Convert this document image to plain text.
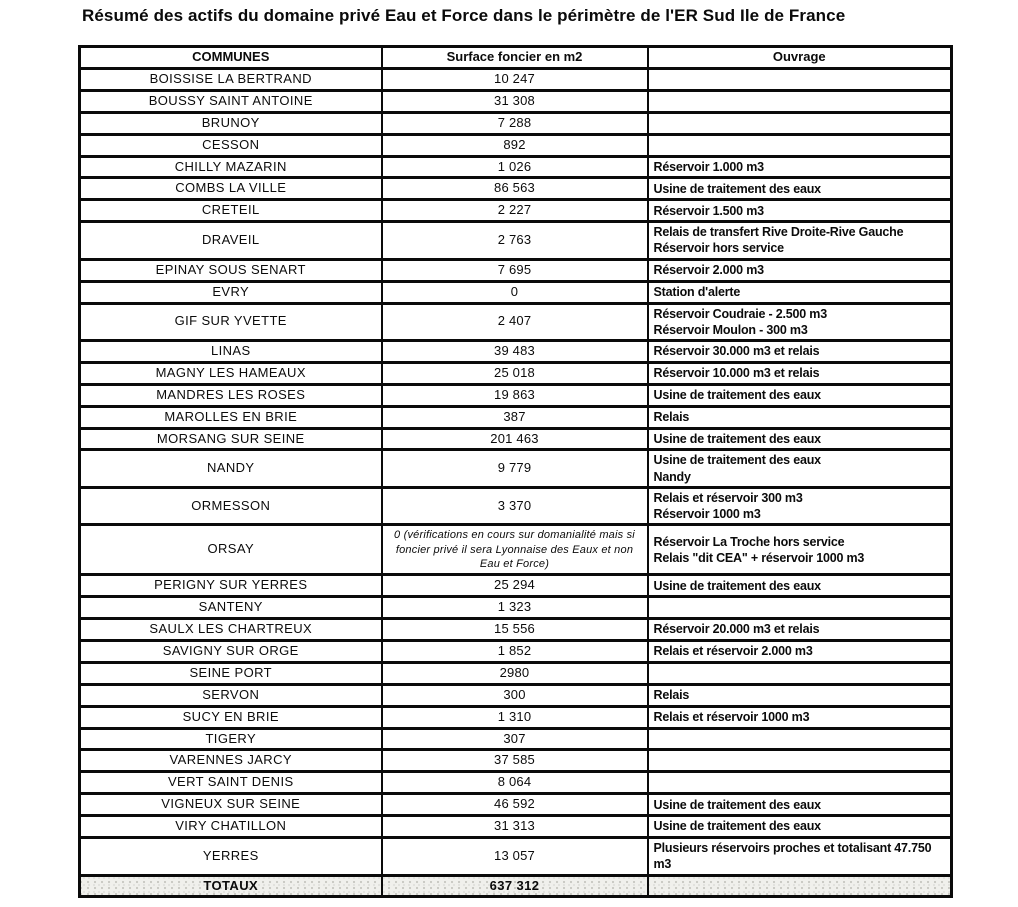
Résumé des actifs du domaine privé Eau et Force dans le périmètre de l'ER Sud Ile de France
COMMUNES	Surface foncier en m2	Ouvrage
BOISSISE LA BERTRAND	10 247	
BOUSSY SAINT ANTOINE	31 308	
BRUNOY	7 288	
CESSON	892	
CHILLY MAZARIN	1 026	Réservoir 1.000 m3

COMBS LA VILLE	86 563	Usine de traitement des eaux

CRETEIL	2 227	Réservoir 1.500 m3

DRAVEIL	2 763	Relais de transfert Rive Droite-Rive Gauche
Réservoir hors service

EPINAY SOUS SENART	7 695	Réservoir 2.000 m3

EVRY	0	Station d'alerte

GIF SUR YVETTE	2 407	Réservoir Coudraie - 2.500 m3
Réservoir Moulon - 300 m3

LINAS	39 483	Réservoir 30.000 m3 et relais

MAGNY LES HAMEAUX	25 018	Réservoir 10.000 m3 et relais

MANDRES LES ROSES	19 863	Usine de traitement des eaux

MAROLLES EN BRIE	387	Relais

MORSANG SUR SEINE	201 463	Usine de traitement des eaux

NANDY	9 779	Usine de traitement des eaux
Nandy

ORMESSON	3 370	Relais et réservoir 300 m3
Réservoir 1000 m3

ORSAY	0 (vérifications en cours sur domanialité mais si foncier privé il sera Lyonnaise des Eaux et non Eau et Force)	Réservoir La Troche hors service
Relais "dit CEA" + réservoir 1000 m3

PERIGNY SUR YERRES	25 294	Usine de traitement des eaux

SANTENY	1 323	
SAULX LES CHARTREUX	15 556	Réservoir 20.000 m3 et relais

SAVIGNY SUR ORGE	1 852	Relais et réservoir 2.000 m3

SEINE PORT	2980	
SERVON	300	Relais

SUCY EN BRIE	1 310	Relais et réservoir 1000 m3

TIGERY	307	
VARENNES JARCY	37 585	
VERT SAINT DENIS	8 064	
VIGNEUX SUR SEINE	46 592	Usine de traitement des eaux

VIRY CHATILLON	31 313	Usine de traitement des eaux

YERRES	13 057	Plusieurs réservoirs proches et totalisant 47.750 m3

TOTAUX	637 312	
